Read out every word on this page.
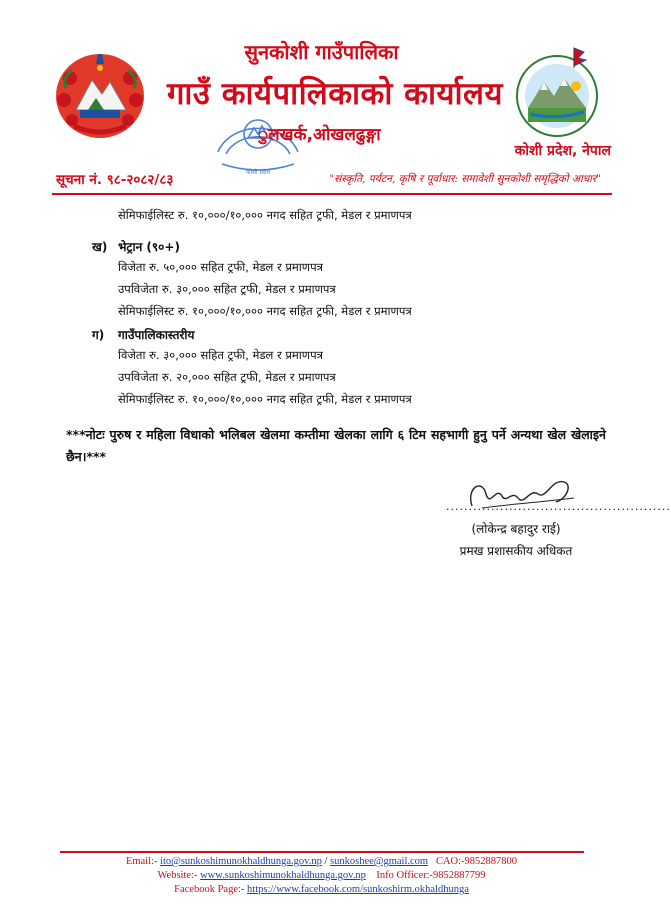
सुनकोशी गाउँपालिका
गाउँ कार्यपालिकाको कार्यालय
कोशी प्रदेश
ुलखर्क,ओखलढुङ्गा
कोशी प्रदेश, नेपाल
सूचना नं. ९८-२०८२/८३	"संस्कृति, पर्यटन, कृषि र पूर्वाधार: समावेशी सुनकोशी समृद्धिको आधार"
सेमिफाईलिस्ट रु. १०,०००/१०,००० नगद सहित ट्रफी, मेडल र प्रमाणपत्र
ख) भेट्रान (९०+)
विजेता रु. ५०,००० सहित ट्रफी, मेडल र प्रमाणपत्र
उपविजेता रु. ३०,००० सहित ट्रफी, मेडल र प्रमाणपत्र
सेमिफाईलिस्ट रु. १०,०००/१०,००० नगद सहित ट्रफी, मेडल र प्रमाणपत्र
ग) गाउँपालिकास्तरीय
विजेता रु. ३०,००० सहित ट्रफी, मेडल र प्रमाणपत्र
उपविजेता रु. २०,००० सहित ट्रफी, मेडल र प्रमाणपत्र
सेमिफाईलिस्ट रु. १०,०००/१०,००० नगद सहित ट्रफी, मेडल र प्रमाणपत्र
***नोटः पुरुष र महिला विधाको भलिबल खेलमा कम्तीमा खेलका लागि ६ टिम सहभागी हुनु पर्ने अन्यथा खेल खेलाइने छैन।***
..................................................
(लोकेन्द्र बहादुर राई)
प्रमख प्रशासकीय अधिकत
Email:- ito@sunkoshimunokhaldhunga.gov.np / sunkoshee@gmail.com CAO:-9852887800
Website:- www.sunkoshimunokhaldhunga.gov.np Info Officer:-9852887799
Facebook Page:- https://www.facebook.com/sunkoshirm.okhaldhunga
